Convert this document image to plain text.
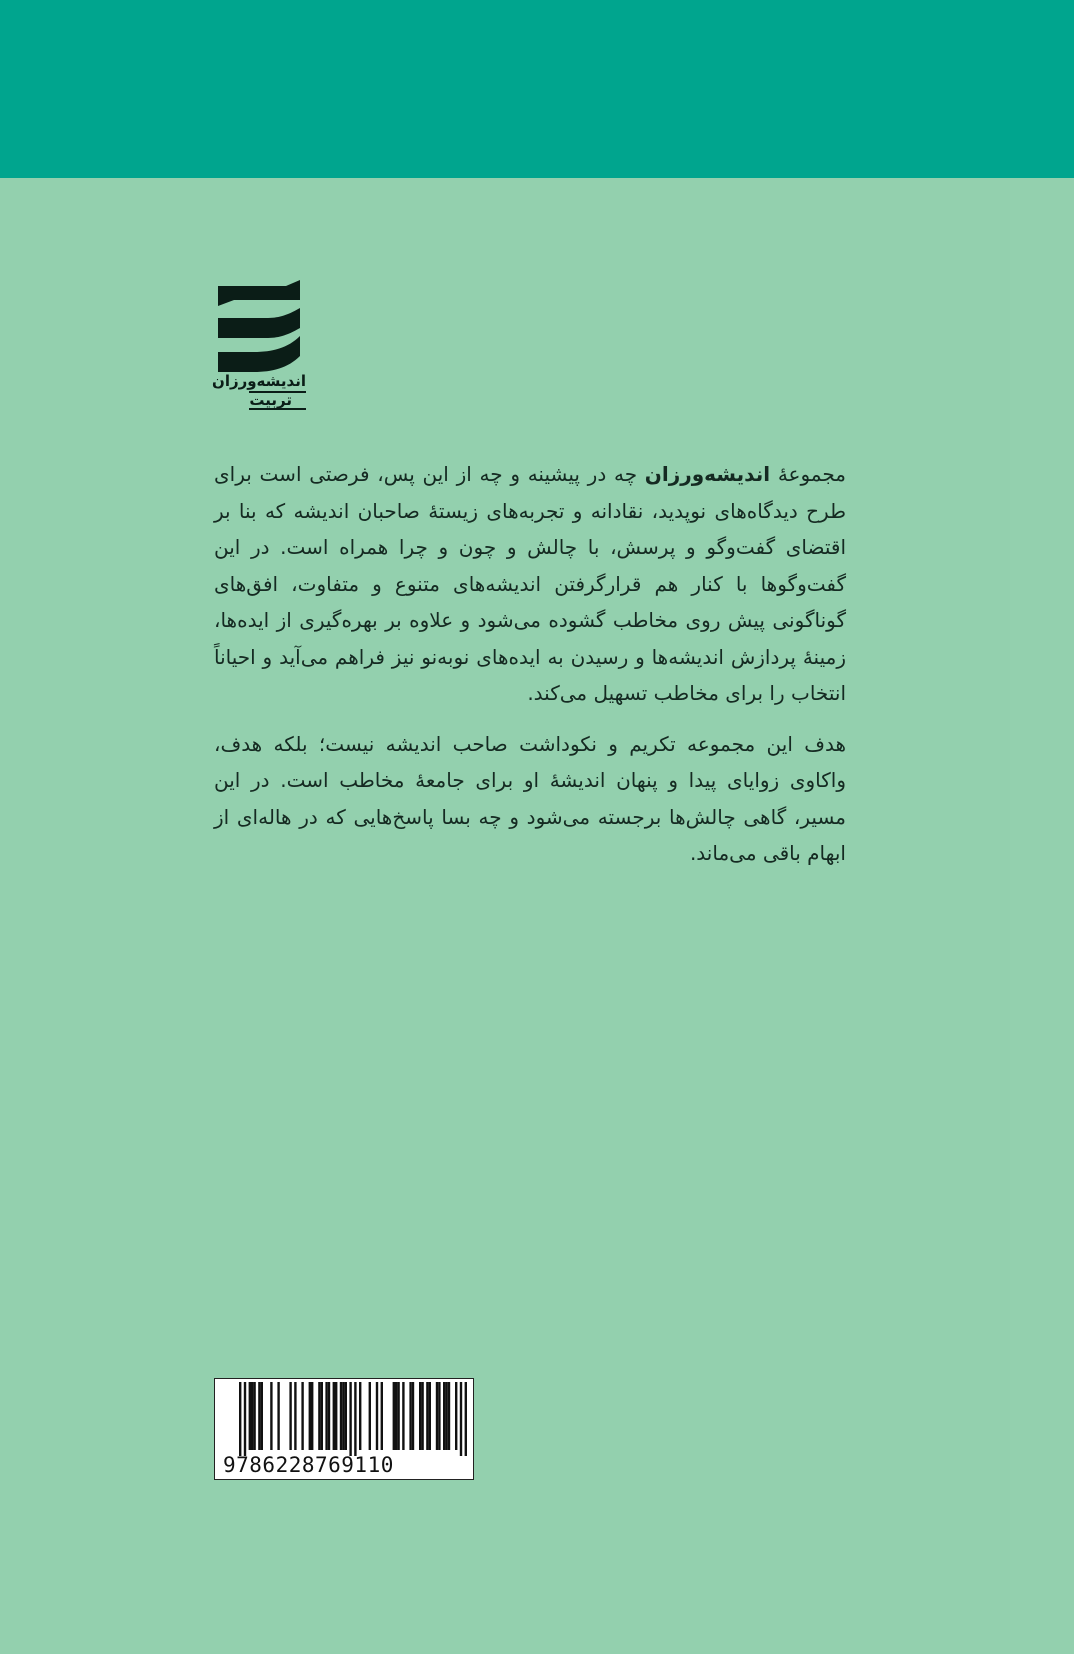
اندیشه‌ورزان
تربیت

مجموعهٔ اندیشه‌ورزان چه در پیشینه و چه از این پس، فرصتی است برای طرح دیدگاه‌های نوپدید، نقادانه و تجربه‌های زیستهٔ صاحبان اندیشه که بنا بر اقتضای گفت‌وگو و پرسش، با چالش و چون و چرا همراه است. در این گفت‌وگوها با کنار هم قرارگرفتن اندیشه‌های متنوع و متفاوت، افق‌های گوناگونی پیش روی مخاطب گشوده می‌شود و علاوه بر بهره‌گیری از ایده‌ها، زمینهٔ پردازش اندیشه‌ها و رسیدن به ایده‌های نوبه‌نو نیز فراهم می‌آید و احیاناً انتخاب را برای مخاطب تسهیل می‌کند.

هدف این مجموعه تکریم و نکوداشت صاحب اندیشه نیست؛ بلکه هدف، واکاوی زوایای پیدا و پنهان اندیشهٔ او برای جامعهٔ مخاطب است. در این مسیر، گاهی چالش‌ها برجسته می‌شود و چه بسا پاسخ‌هایی که در هاله‌ای از ابهام باقی می‌ماند.

9786228769110
